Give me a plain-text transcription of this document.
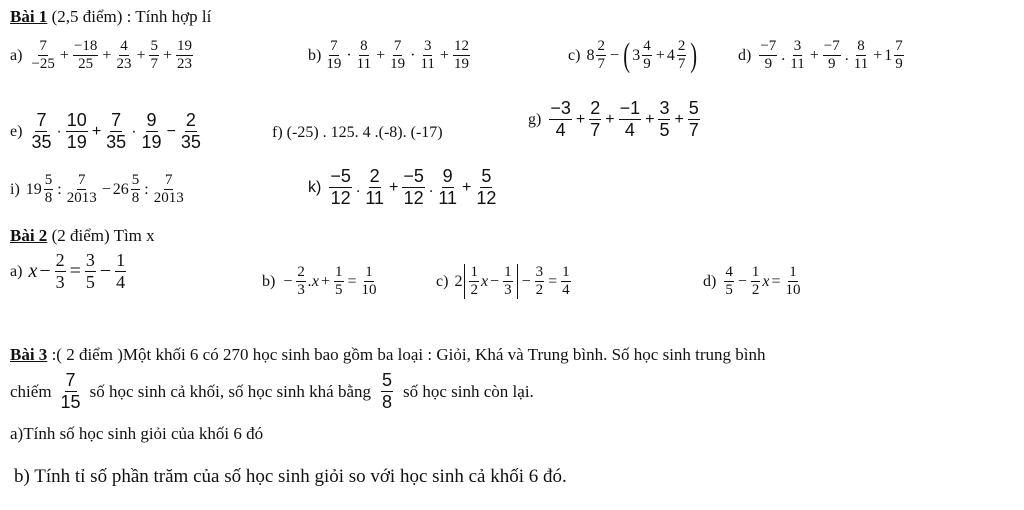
Bài 1 (2,5 điểm) : Tính hợp lí
a)
7
−25
+ $\frac{-18}{25} + \frac{4}{23} + \frac{5}{7} + \frac{19}{23}$	b)
7
19
·
8
11
+ $\frac{7}{19}$ ·
3
11
+ $\frac{12}{19}$	c) 8
2
7
− ( 3
4
9
+ 4
2
7 )	d)
−7
9
.
3
11
+ $\frac{-7}{9}$ .
8
11
+ 1
7
9
e)
7
35
·
10
19
+ $\frac{7}{35}$ ·
9
19
− $\frac{2}{35}$	f) (-25) . 125. 4 .(-8). (-17)
g)
−3
4
+ $\frac{2}{7} + \frac{-1}{4} + \frac{3}{5} + \frac{5}{7}$
i) 19
5
8
:
7
2013
− 26
5
8
:
7
2013
k)
−5
12
.
2
11
+ $\frac{-5}{12}$ .
9
11
+ $\frac{5}{12}$
Bài 2 (2 điểm) Tìm x
a) $x - \frac{2}{3} = \frac{3}{5} - \frac{1}{4}$	$b) - \frac{2}{3} .x + \frac{1}{5} = \frac{1}{10}$	c) 2
1
2
$x - \frac{1}{3} - \frac{3}{2} = \frac{1}{4}$	d)
4
5
− $\frac{1}{2}$ $x = \frac{1}{10}$
Bài 3 :( 2 điểm )Một khối 6 có 270 học sinh bao gồm ba loại : Giỏi, Khá và Trung bình. Số học sinh trung bình
chiếm
7
15
số học sinh cả khối, số học sinh khá bằng
5
8
số học sinh còn lại.
a)Tính số học sinh giỏi của khối 6 đó
b) Tính tỉ số phần trăm của số học sinh giỏi so với học sinh cả khối 6 đó.
